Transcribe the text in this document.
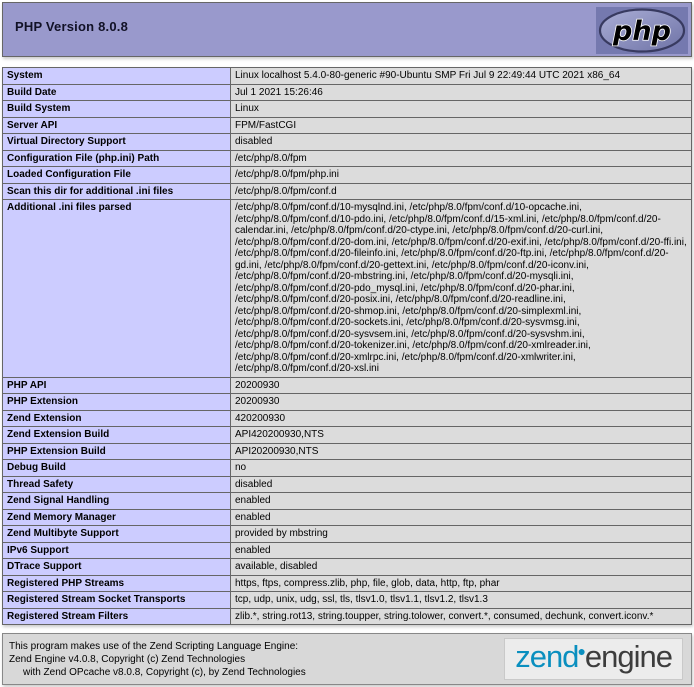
PHP Version 8.0.8	php
System	Linux localhost 5.4.0-80-generic #90-Ubuntu SMP Fri Jul 9 22:49:44 UTC 2021 x86_64
Build Date	Jul 1 2021 15:26:46
Build System	Linux
Server API	FPM/FastCGI
Virtual Directory Support	disabled
Configuration File (php.ini) Path	/etc/php/8.0/fpm
Loaded Configuration File	/etc/php/8.0/fpm/php.ini
Scan this dir for additional .ini files	/etc/php/8.0/fpm/conf.d
Additional .ini files parsed	/etc/php/8.0/fpm/conf.d/10-mysqlnd.ini, /etc/php/8.0/fpm/conf.d/10-opcache.ini, /etc/php/8.0/fpm/conf.d/10-pdo.ini, /etc/php/8.0/fpm/conf.d/15-xml.ini, /etc/php/8.0/fpm/conf.d/20-calendar.ini, /etc/php/8.0/fpm/conf.d/20-ctype.ini, /etc/php/8.0/fpm/conf.d/20-curl.ini, /etc/php/8.0/fpm/conf.d/20-dom.ini, /etc/php/8.0/fpm/conf.d/20-exif.ini, /etc/php/8.0/fpm/conf.d/20-ffi.ini, /etc/php/8.0/fpm/conf.d/20-fileinfo.ini, /etc/php/8.0/fpm/conf.d/20-ftp.ini, /etc/php/8.0/fpm/conf.d/20-gd.ini, /etc/php/8.0/fpm/conf.d/20-gettext.ini, /etc/php/8.0/fpm/conf.d/20-iconv.ini, /etc/php/8.0/fpm/conf.d/20-mbstring.ini, /etc/php/8.0/fpm/conf.d/20-mysqli.ini, /etc/php/8.0/fpm/conf.d/20-pdo_mysql.ini, /etc/php/8.0/fpm/conf.d/20-phar.ini, /etc/php/8.0/fpm/conf.d/20-posix.ini, /etc/php/8.0/fpm/conf.d/20-readline.ini, /etc/php/8.0/fpm/conf.d/20-shmop.ini, /etc/php/8.0/fpm/conf.d/20-simplexml.ini, /etc/php/8.0/fpm/conf.d/20-sockets.ini, /etc/php/8.0/fpm/conf.d/20-sysvmsg.ini, /etc/php/8.0/fpm/conf.d/20-sysvsem.ini, /etc/php/8.0/fpm/conf.d/20-sysvshm.ini, /etc/php/8.0/fpm/conf.d/20-tokenizer.ini, /etc/php/8.0/fpm/conf.d/20-xmlreader.ini, /etc/php/8.0/fpm/conf.d/20-xmlrpc.ini, /etc/php/8.0/fpm/conf.d/20-xmlwriter.ini, /etc/php/8.0/fpm/conf.d/20-xsl.ini
PHP API	20200930
PHP Extension	20200930
Zend Extension	420200930
Zend Extension Build	API420200930,NTS
PHP Extension Build	API20200930,NTS
Debug Build	no
Thread Safety	disabled
Zend Signal Handling	enabled
Zend Memory Manager	enabled
Zend Multibyte Support	provided by mbstring
IPv6 Support	enabled
DTrace Support	available, disabled
Registered PHP Streams	https, ftps, compress.zlib, php, file, glob, data, http, ftp, phar
Registered Stream Socket Transports	tcp, udp, unix, udg, ssl, tls, tlsv1.0, tlsv1.1, tlsv1.2, tlsv1.3
Registered Stream Filters	zlib.*, string.rot13, string.toupper, string.tolower, convert.*, consumed, dechunk, convert.iconv.*
This program makes use of the Zend Scripting Language Engine:
Zend Engine v4.0.8, Copyright (c) Zend Technologies
with Zend OPcache v8.0.8, Copyright (c), by Zend Technologies	zend●engine
